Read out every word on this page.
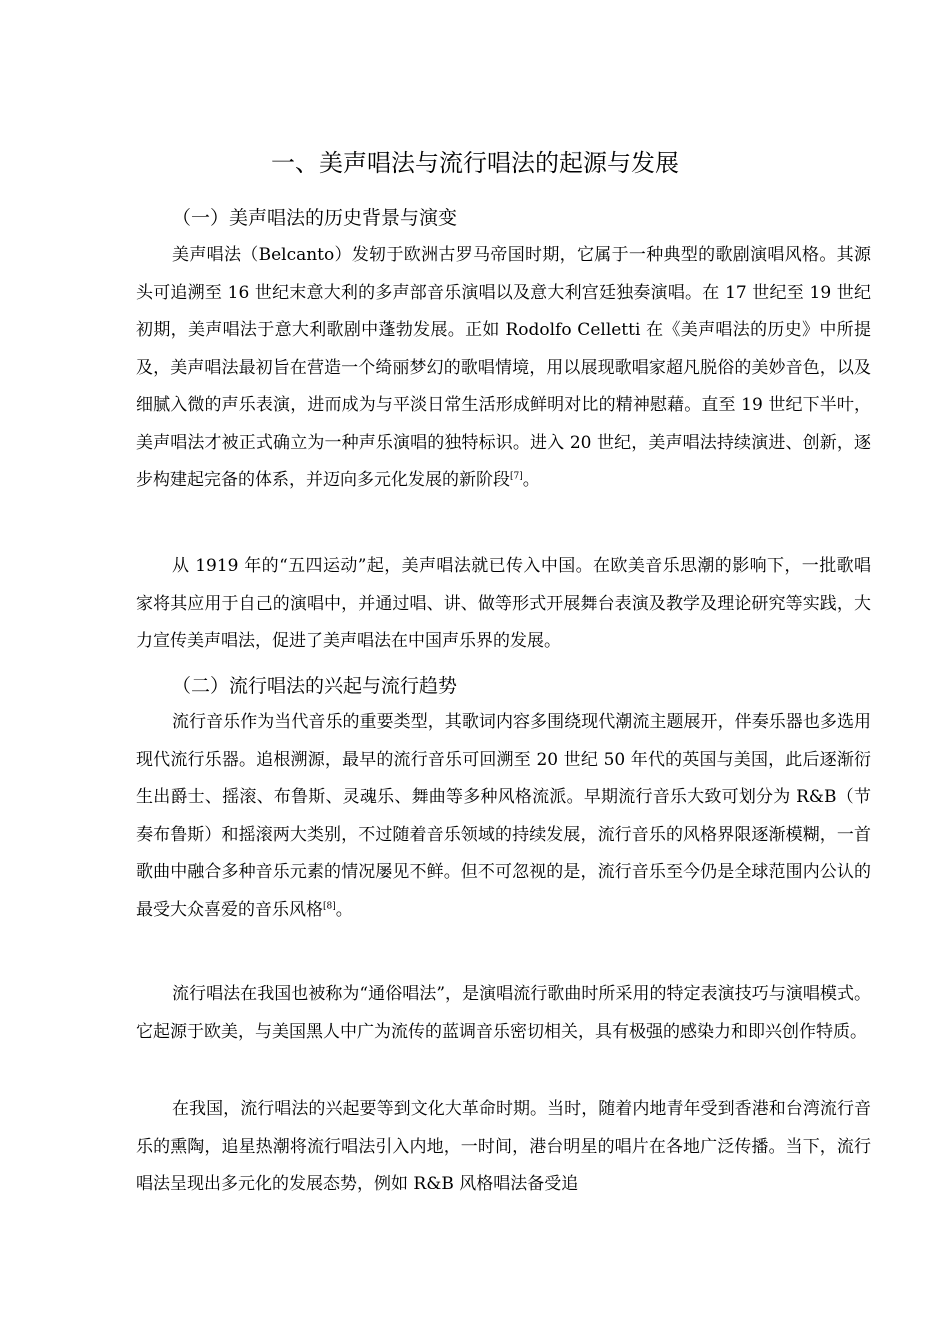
一、美声唱法与流行唱法的起源与发展
（一）美声唱法的历史背景与演变

美声唱法（Belcanto）发轫于欧洲古罗马帝国时期，它属于一种典型的歌剧演唱风格。其源头可追溯至 16 世纪末意大利的多声部音乐演唱以及意大利宫廷独奏演唱。在 17 世纪至 19 世纪初期，美声唱法于意大利歌剧中蓬勃发展。正如 Rodolfo Celletti 在《美声唱法的历史》中所提及，美声唱法最初旨在营造一个绮丽梦幻的歌唱情境，用以展现歌唱家超凡脱俗的美妙音色，以及细腻入微的声乐表演，进而成为与平淡日常生活形成鲜明对比的精神慰藉。直至 19 世纪下半叶，美声唱法才被正式确立为一种声乐演唱的独特标识。进入 20 世纪，美声唱法持续演进、创新，逐步构建起完备的体系，并迈向多元化发展的新阶段[7]。

从 1919 年的“五四运动”起，美声唱法就已传入中国。在欧美音乐思潮的影响下，一批歌唱家将其应用于自己的演唱中，并通过唱、讲、做等形式开展舞台表演及教学及理论研究等实践，大力宣传美声唱法，促进了美声唱法在中国声乐界的发展。

（二）流行唱法的兴起与流行趋势

流行音乐作为当代音乐的重要类型，其歌词内容多围绕现代潮流主题展开，伴奏乐器也多选用现代流行乐器。追根溯源，最早的流行音乐可回溯至 20 世纪 50 年代的英国与美国，此后逐渐衍生出爵士、摇滚、布鲁斯、灵魂乐、舞曲等多种风格流派。早期流行音乐大致可划分为 R&B（节奏布鲁斯）和摇滚两大类别，不过随着音乐领域的持续发展，流行音乐的风格界限逐渐模糊，一首歌曲中融合多种音乐元素的情况屡见不鲜。但不可忽视的是，流行音乐至今仍是全球范围内公认的最受大众喜爱的音乐风格[8]。

流行唱法在我国也被称为“通俗唱法”，是演唱流行歌曲时所采用的特定表演技巧与演唱模式。它起源于欧美，与美国黑人中广为流传的蓝调音乐密切相关，具有极强的感染力和即兴创作特质。

在我国，流行唱法的兴起要等到文化大革命时期。当时，随着内地青年受到香港和台湾流行音乐的熏陶，追星热潮将流行唱法引入内地，一时间，港台明星的唱片在各地广泛传播。当下，流行唱法呈现出多元化的发展态势，例如 R&B 风格唱法备受追
